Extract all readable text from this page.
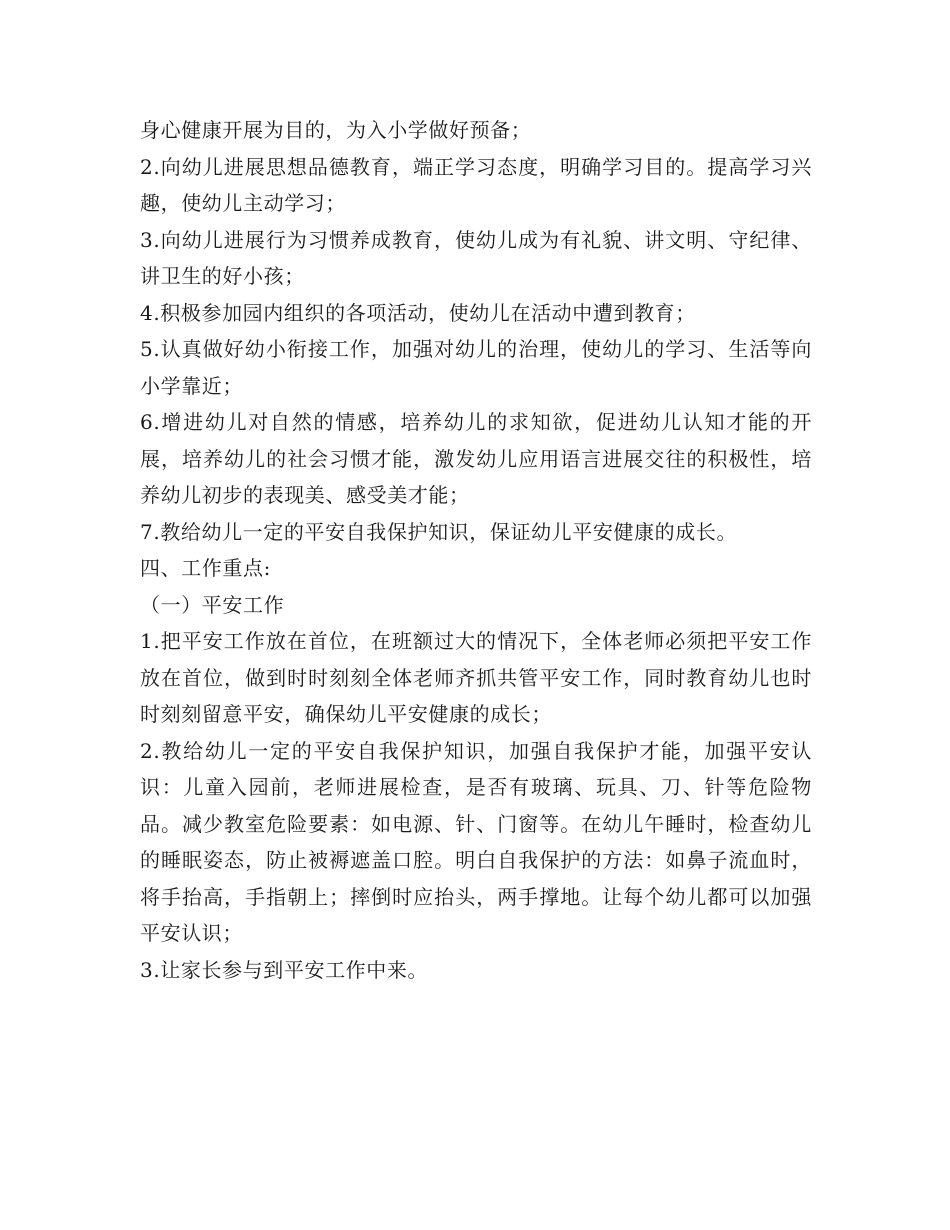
身心健康开展为目的，为入小学做好预备；

2.向幼儿进展思想品德教育，端正学习态度，明确学习目的。提高学习兴趣，使幼儿主动学习；

3.向幼儿进展行为习惯养成教育，使幼儿成为有礼貌、讲文明、守纪律、讲卫生的好小孩；

4.积极参加园内组织的各项活动，使幼儿在活动中遭到教育；

5.认真做好幼小衔接工作，加强对幼儿的治理，使幼儿的学习、生活等向小学靠近；

6.增进幼儿对自然的情感，培养幼儿的求知欲，促进幼儿认知才能的开展，培养幼儿的社会习惯才能，激发幼儿应用语言进展交往的积极性，培养幼儿初步的表现美、感受美才能；

7.教给幼儿一定的平安自我保护知识，保证幼儿平安健康的成长。

四、工作重点:

（一）平安工作

1.把平安工作放在首位，在班额过大的情况下，全体老师必须把平安工作放在首位，做到时时刻刻全体老师齐抓共管平安工作，同时教育幼儿也时时刻刻留意平安，确保幼儿平安健康的成长；

2.教给幼儿一定的平安自我保护知识，加强自我保护才能，加强平安认识：儿童入园前，老师进展检查，是否有玻璃、玩具、刀、针等危险物品。减少教室危险要素：如电源、针、门窗等。在幼儿午睡时，检查幼儿的睡眠姿态，防止被褥遮盖口腔。明白自我保护的方法：如鼻子流血时，将手抬高，手指朝上；摔倒时应抬头，两手撑地。让每个幼儿都可以加强平安认识；

3.让家长参与到平安工作中来。
